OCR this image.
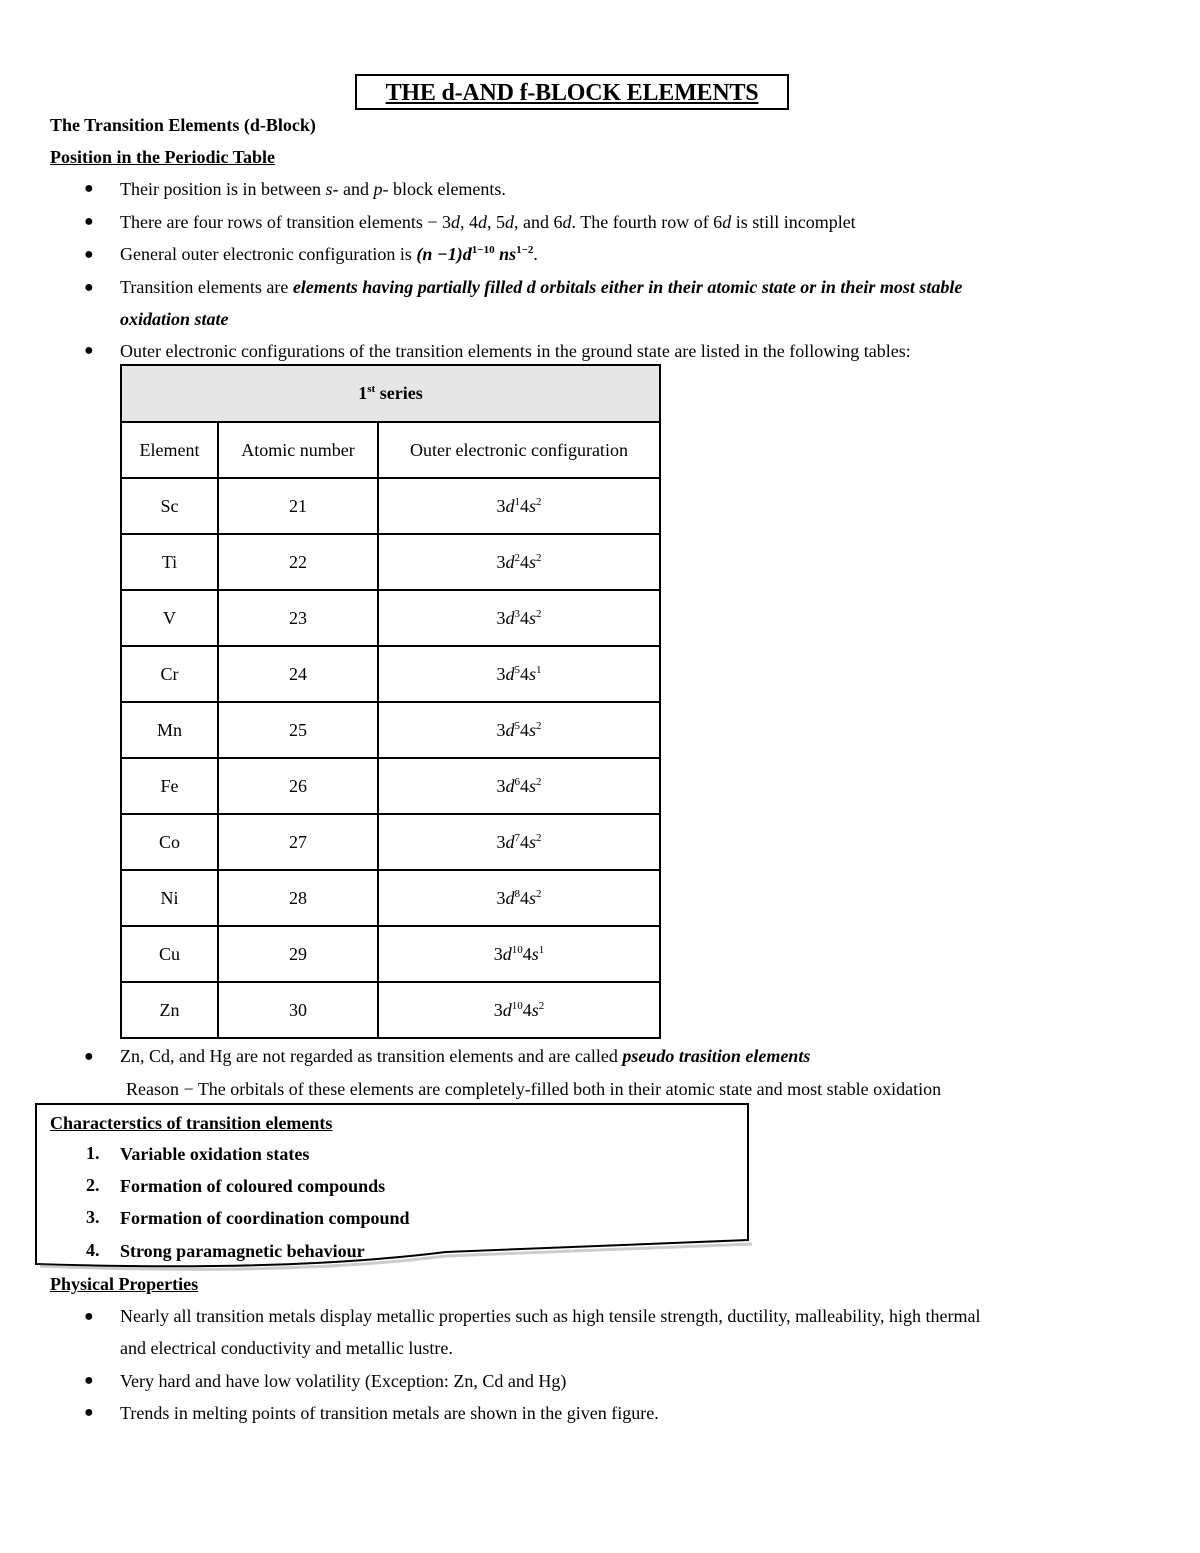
THE d-AND f-BLOCK ELEMENTS
The Transition Elements (d-Block)
Position in the Periodic Table
● Their position is in between s- and p- block elements.
● There are four rows of transition elements − 3d, 4d, 5d, and 6d. The fourth row of 6d is still incomplet
● General outer electronic configuration is $(n -1)d^{1-10}$ $ns^{1-2}$.
● Transition elements are elements having partially filled d orbitals either in their atomic state or in their most stable
oxidation state
● Outer electronic configurations of the transition elements in the ground state are listed in the following tables:
1st series		
Element	Atomic number	Outer electronic configuration
Sc	21	$3d^14s^2$
Ti	22	$3d^24s^2$
V	23	$3d^34s^2$
Cr	24	$3d^54s^1$
Mn	25	$3d^54s^2$
Fe	26	$3d^64s^2$
Co	27	$3d^74s^2$
Ni	28	$3d^84s^2$
Cu	29	$3d^{10}4s^1$
Zn	30	$3d^{10}4s^2$
● Zn, Cd, and Hg are not regarded as transition elements and are called pseudo trasition elements
Reason − The orbitals of these elements are completely-filled both in their atomic state and most stable oxidation
Characterstics of transition elements
1. Variable oxidation states
2. Formation of coloured compounds
3. Formation of coordination compound
4. Strong paramagnetic behaviour
Physical Properties
● Nearly all transition metals display metallic properties such as high tensile strength, ductility, malleability, high thermal
and electrical conductivity and metallic lustre.
● Very hard and have low volatility (Exception: Zn, Cd and Hg)
● Trends in melting points of transition metals are shown in the given figure.
